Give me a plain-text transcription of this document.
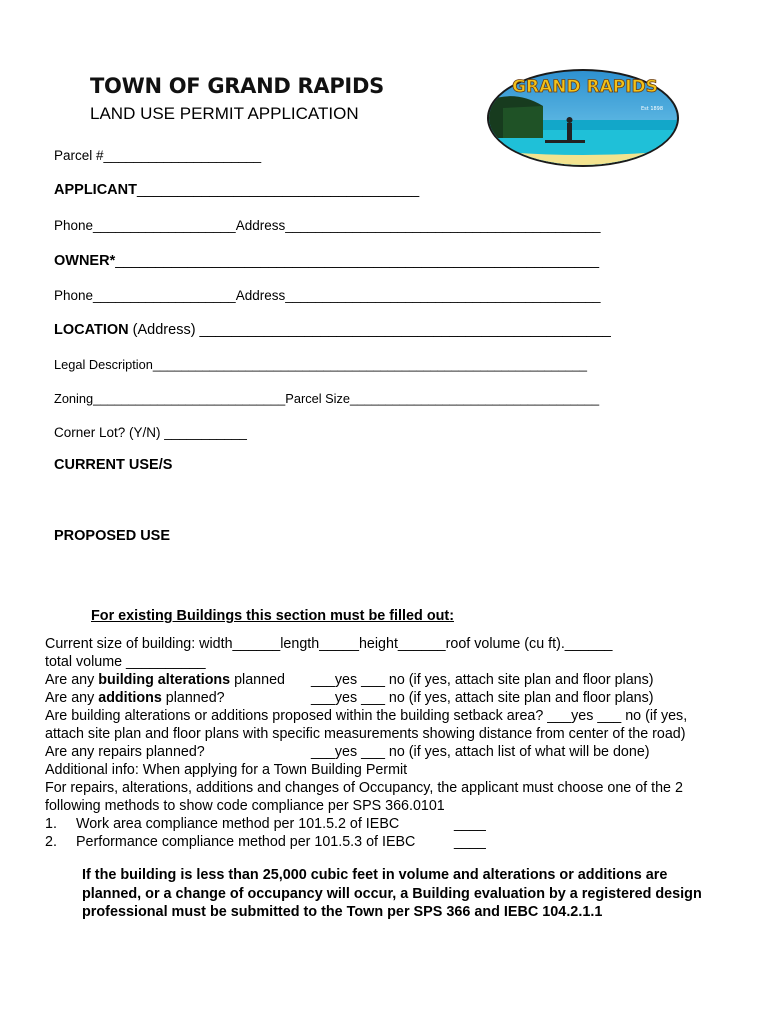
TOWN OF GRAND RAPIDS
LAND USE PERMIT APPLICATION
GRAND RAPIDS
Est 1898
Parcel #_____________________
APPLICANT___________________________________
Phone___________________Address__________________________________________
OWNER*____________________________________________________________
Phone___________________Address__________________________________________
LOCATION (Address) ___________________________________________________
Legal Description_____________________________________________________________
Zoning___________________________Parcel Size___________________________________
Corner Lot? (Y/N) ___________
CURRENT USE/S
PROPOSED USE
For existing Buildings this section must be filled out:
Current size of building: width______length_____height______roof volume (cu ft).______
total volume __________
Are any building alterations planned ___yes ___ no (if yes, attach site plan and floor plans)
Are any additions planned?	___yes ___ no (if yes, attach site plan and floor plans)
Are building alterations or additions proposed within the building setback area? ___yes ___ no (if yes,
attach site plan and floor plans with specific measurements showing distance from center of the road)
Are any repairs planned?	___yes ___ no (if yes, attach list of what will be done)
Additional info: When applying for a Town Building Permit
For repairs, alterations, additions and changes of Occupancy, the applicant must choose one of the 2
following methods to show code compliance per SPS 366.0101
1. Work area compliance method per 101.5.2 of IEBC	____
2. Performance compliance method per 101.5.3 of IEBC	____
If the building is less than 25,000 cubic feet in volume and alterations or additions are planned, or a change of occupancy will occur, a Building evaluation by a registered design professional must be submitted to the Town per SPS 366 and IEBC 104.2.1.1
